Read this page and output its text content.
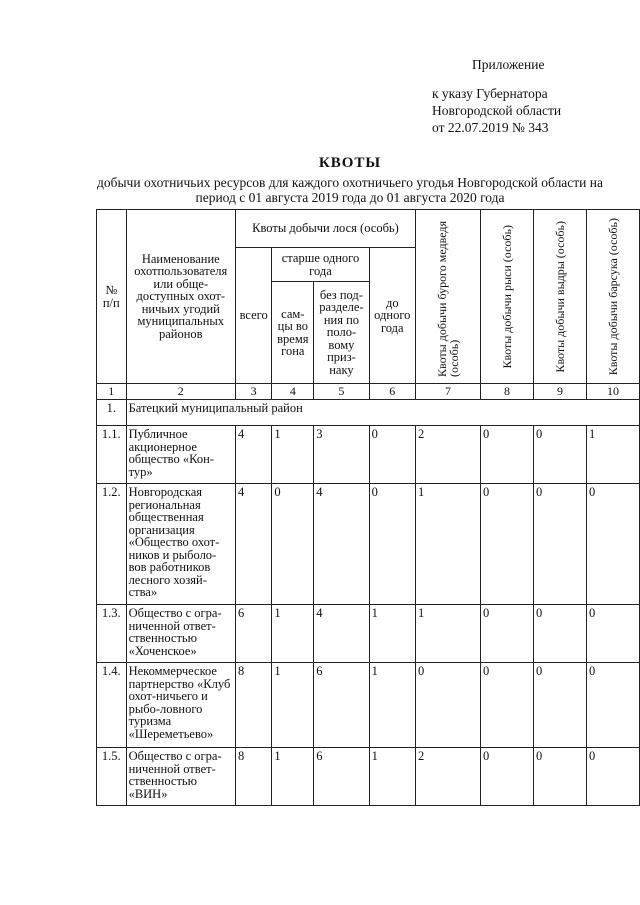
Приложение
к указу Губернатора
Новгородской области
от 22.07.2019 № 343
КВОТЫ
добычи охотничьих ресурсов для каждого охотничьего угодья Новгородской области на период с 01 августа 2019 года до 01 августа 2020 года
№ п/п	Наименование охотпользователя или обще-доступных охот-ничьих угодий муниципальных районов	Квоты добычи лося (особь)				Квоты добычи бурого медведя (особь)	Квоты добычи рыси (особь)	Квоты добычи выдры (особь)	Квоты добычи барсука (особь)

		всего	старше одного года		до одного года				
			сам-цы во время гона	без под-разделе-ния по поло-вому приз-наку					
1	2	3	4	5	6	7	8	9	10
1.	Батецкий муниципальный район								
1.1.	Публичное акционерное общество «Кон-тур»	4	1	3	0	2	0	0	1
1.2.	Новгородская региональная общественная организация «Общество охот-ников и рыболо-вов работников лесного хозяй-ства»	4	0	4	0	1	0	0	0
1.3.	Общество с огра-ниченной ответ-ственностью «Хоченское»	6	1	4	1	1	0	0	0
1.4.	Некоммерческое партнерство «Клуб охот-ничьего и рыбо-ловного туризма «Шереметьево»	8	1	6	1	0	0	0	0
1.5.	Общество с огра-ниченной ответ-ственностью «ВИН»	8	1	6	1	2	0	0	0
